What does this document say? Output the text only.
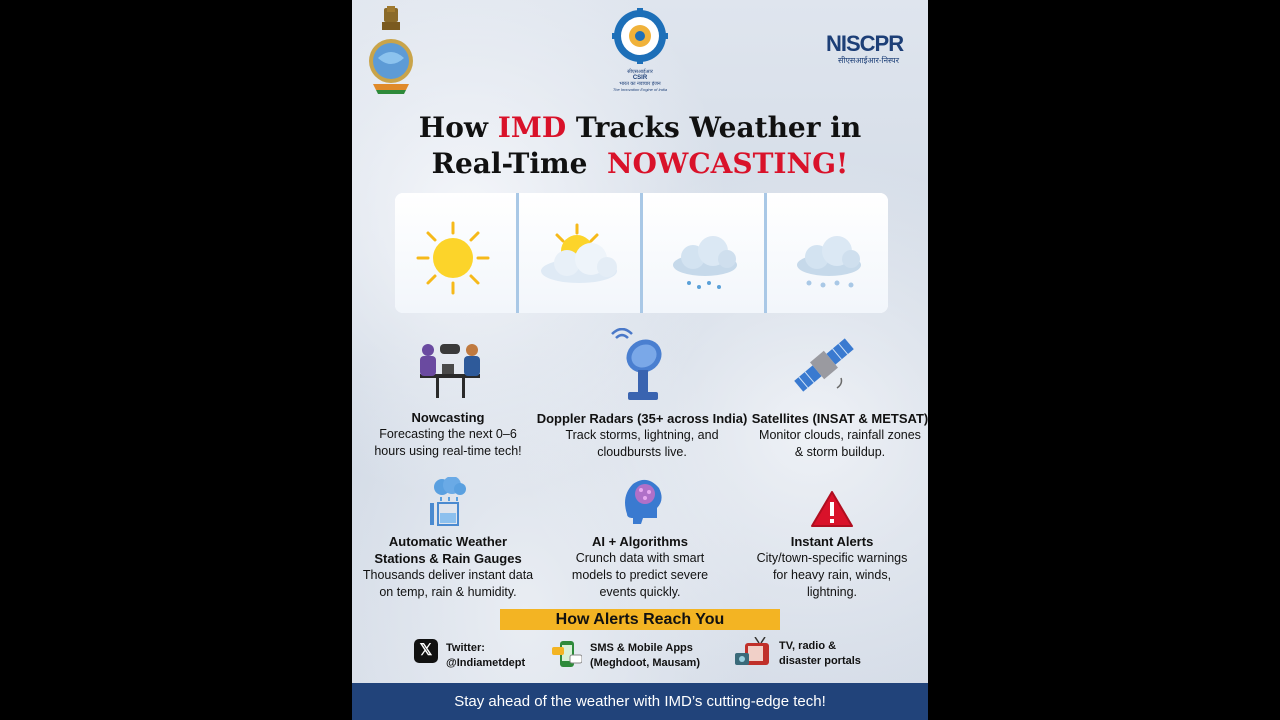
सीएसआईआर
CSIR
भारत का नवाचार इंजन
The Innovation Engine of India
NISCPR
सीएसआईआर-निस्पर
How IMD Tracks Weather in
Real-Time  NOWCASTING!
Nowcasting
Forecasting the next 0–6 hours using real-time tech!
Doppler Radars (35+ across India)
Track storms, lightning, and cloudbursts live.
Satellites (INSAT & METSAT)
Monitor clouds, rainfall zones & storm buildup.
Automatic Weather Stations & Rain Gauges
Thousands deliver instant data on temp, rain & humidity.
AI + Algorithms
Crunch data with smart models to predict severe events quickly.
Instant Alerts
City/town-specific warnings for heavy rain, winds, lightning.
How Alerts Reach You
𝕏	Twitter:
@Indiametdept
SMS & Mobile Apps
(Meghdoot, Mausam)
TV, radio &
disaster portals
Stay ahead of the weather with IMD’s cutting-edge tech!
